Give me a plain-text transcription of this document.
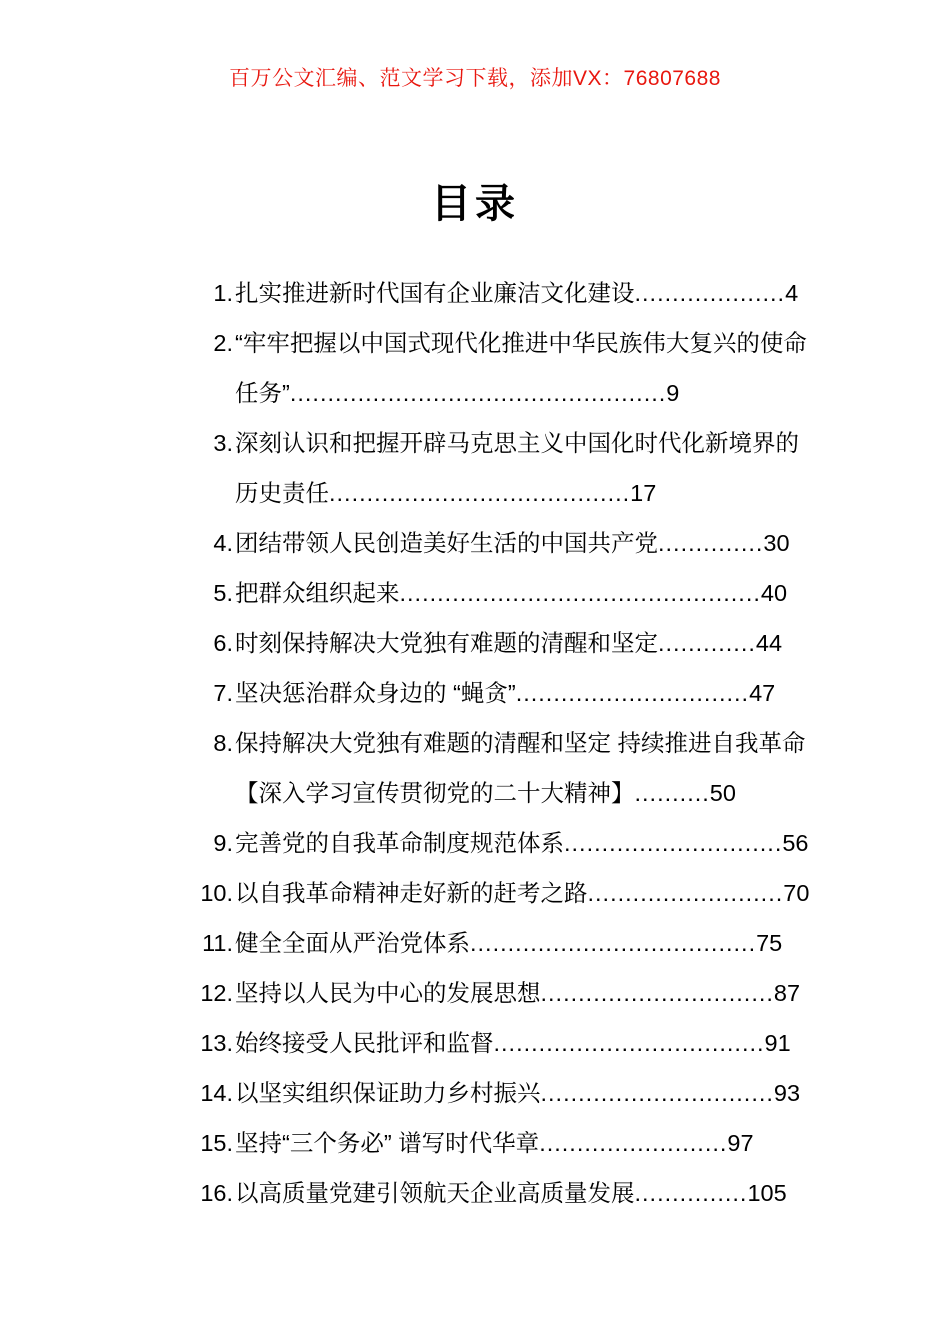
百万公文汇编、范文学习下载，添加VX：76807688
目录
1. 扎实推进新时代国有企业廉洁文化建设....................4
2. “牢牢把握以中国式现代化推进中华民族伟大复兴的使命任务”..................................................9
3. 深刻认识和把握开辟马克思主义中国化时代化新境界的历史责任........................................17
4. 团结带领人民创造美好生活的中国共产党..............30
5. 把群众组织起来................................................40
6. 时刻保持解决大党独有难题的清醒和坚定.............44
7. 坚决惩治群众身边的 “蝇贪”...............................47
8. 保持解决大党独有难题的清醒和坚定 持续推进自我革命【深入学习宣传贯彻党的二十大精神】..........50
9. 完善党的自我革命制度规范体系.............................56
10. 以自我革命精神走好新的赶考之路..........................70
11. 健全全面从严治党体系......................................75
12. 坚持以人民为中心的发展思想...............................87
13. 始终接受人民批评和监督....................................91
14. 以坚实组织保证助力乡村振兴...............................93
15. 坚持“三个务必” 谱写时代华章.........................97
16. 以高质量党建引领航天企业高质量发展...............105
